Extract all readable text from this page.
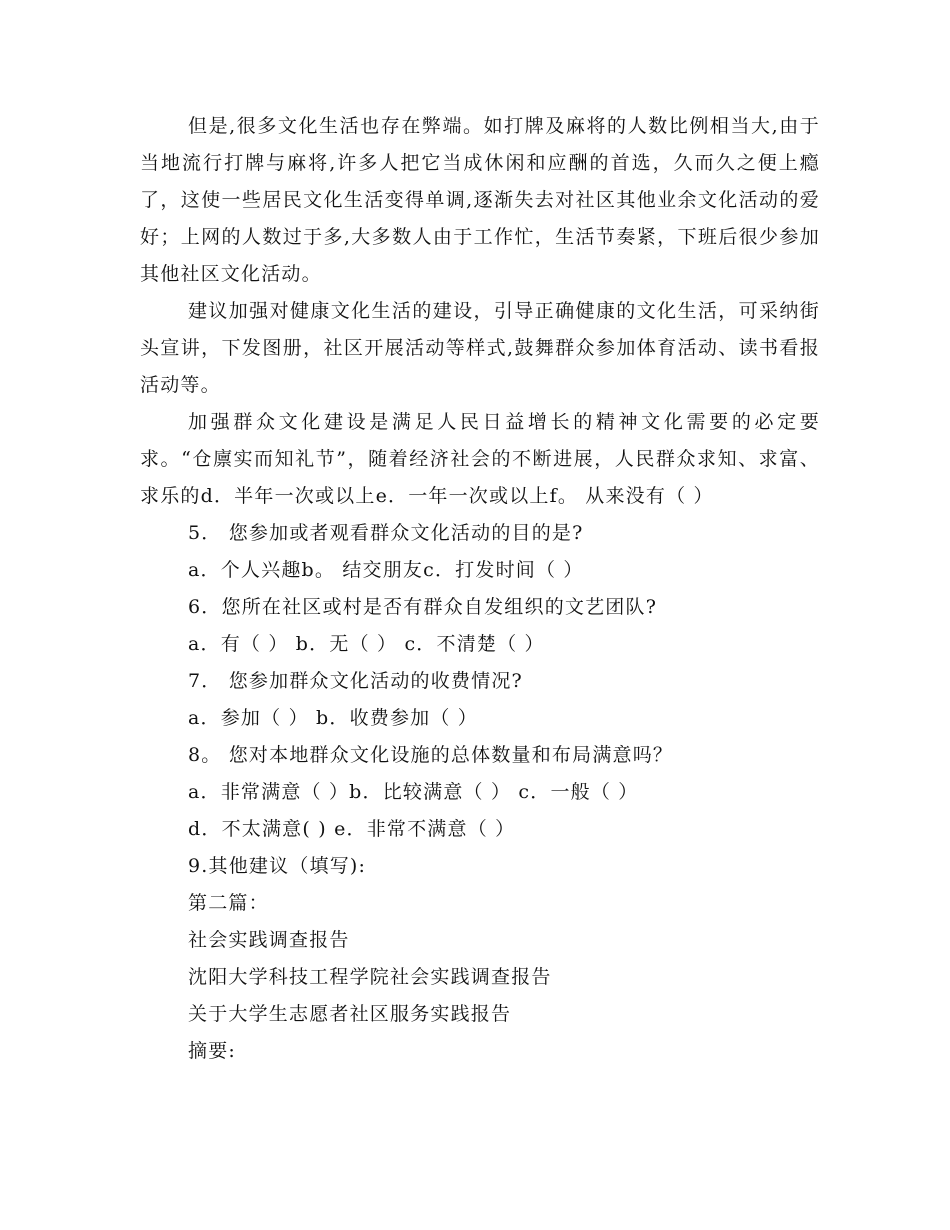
但是,很多文化生活也存在弊端。如打牌及麻将的人数比例相当大,由于当地流行打牌与麻将,许多人把它当成休闲和应酬的首选，久而久之便上瘾了，这使一些居民文化生活变得单调,逐渐失去对社区其他业余文化活动的爱好；上网的人数过于多,大多数人由于工作忙，生活节奏紧，下班后很少参加其他社区文化活动。

建议加强对健康文化生活的建设，引导正确健康的文化生活，可采纳街头宣讲，下发图册，社区开展活动等样式,鼓舞群众参加体育活动、读书看报活动等。

加强群众文化建设是满足人民日益增长的精神文化需要的必定要求。“仓廪实而知礼节”，随着经济社会的不断进展，人民群众求知、求富、求乐的d．半年一次或以上e．一年一次或以上f。 从来没有（ ）

5． 您参加或者观看群众文化活动的目的是?

a．个人兴趣b。 结交朋友c．打发时间（ ）

6．您所在社区或村是否有群众自发组织的文艺团队?

a．有（ ） b．无（ ） c．不清楚（ ）

7． 您参加群众文化活动的收费情况?

a．参加（ ） b．收费参加（ ）

8。 您对本地群众文化设施的总体数量和布局满意吗？

a．非常满意（ ）b．比较满意（ ） c．一般（ ）

d．不太满意( ) e．非常不满意（ ）

9.其他建议（填写):

第二篇：

社会实践调查报告

沈阳大学科技工程学院社会实践调查报告

关于大学生志愿者社区服务实践报告

摘要:
